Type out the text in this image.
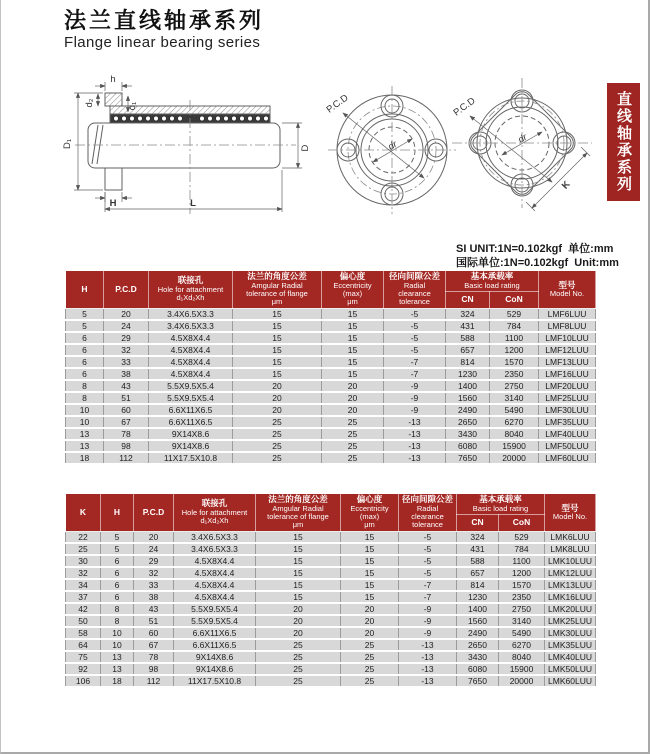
法兰直线轴承系列
Flange linear bearing series
直线轴承系列
h
d₂	d₁
D₁	D
H	L
P.C.D
dr
P.C.D
dr
K
SI UNIT:1N=0.102kgf  单位:mm
国际单位:1N=0.102kgf  Unit:mm
H	P.C.D	
联接孔
Hole for attachment
d₁Xd₂Xh

法兰的角度公差
Amgular Radial
tolerance of flange
μm

偏心度
Eccentricity
(max)
μm

径向间隙公差
Radial
clearance
tolerance

基本承载率
Basic load rating	型号
Model No.

						CN	CoN	
5	20	3.4X6.5X3.3	15	15	-5	324	529	LMF6LUU
5	24	3.4X6.5X3.3	15	15	-5	431	784	LMF8LUU
6	29	4.5X8X4.4	15	15	-5	588	1100	LMF10LUU
6	32	4.5X8X4.4	15	15	-5	657	1200	LMF12LUU
6	33	4.5X8X4.4	15	15	-7	814	1570	LMF13LUU
6	38	4.5X8X4.4	15	15	-7	1230	2350	LMF16LUU
8	43	5.5X9.5X5.4	20	20	-9	1400	2750	LMF20LUU
8	51	5.5X9.5X5.4	20	20	-9	1560	3140	LMF25LUU
10	60	6.6X11X6.5	20	20	-9	2490	5490	LMF30LUU
10	67	6.6X11X6.5	25	25	-13	2650	6270	LMF35LUU
13	78	9X14X8.6	25	25	-13	3430	8040	LMF40LUU
13	98	9X14X8.6	25	25	-13	6080	15900	LMF50LUU
18	112	11X17.5X10.8	25	25	-13	7650	20000	LMF60LUU
K	H	P.C.D	
联接孔
Hole for attachment
d₁Xd₂Xh

法兰的角度公差
Amgular Radial
tolerance of flange
μm

偏心度
Eccentricity
(max)
μm

径向间隙公差
Radial
clearance
tolerance

基本承载率
Basic load rating	型号
Model No.

							CN	CoN	
22	5	20	3.4X6.5X3.3	15	15	-5	324	529	LMK6LUU
25	5	24	3.4X6.5X3.3	15	15	-5	431	784	LMK8LUU
30	6	29	4.5X8X4.4	15	15	-5	588	1100	LMK10LUU
32	6	32	4.5X8X4.4	15	15	-5	657	1200	LMK12LUU
34	6	33	4.5X8X4.4	15	15	-7	814	1570	LMK13LUU
37	6	38	4.5X8X4.4	15	15	-7	1230	2350	LMK16LUU
42	8	43	5.5X9.5X5.4	20	20	-9	1400	2750	LMK20LUU
50	8	51	5.5X9.5X5.4	20	20	-9	1560	3140	LMK25LUU
58	10	60	6.6X11X6.5	20	20	-9	2490	5490	LMK30LUU
64	10	67	6.6X11X6.5	25	25	-13	2650	6270	LMK35LUU
75	13	78	9X14X8.6	25	25	-13	3430	8040	LMK40LUU
92	13	98	9X14X8.6	25	25	-13	6080	15900	LMK50LUU
106	18	112	11X17.5X10.8	25	25	-13	7650	20000	LMK60LUU
